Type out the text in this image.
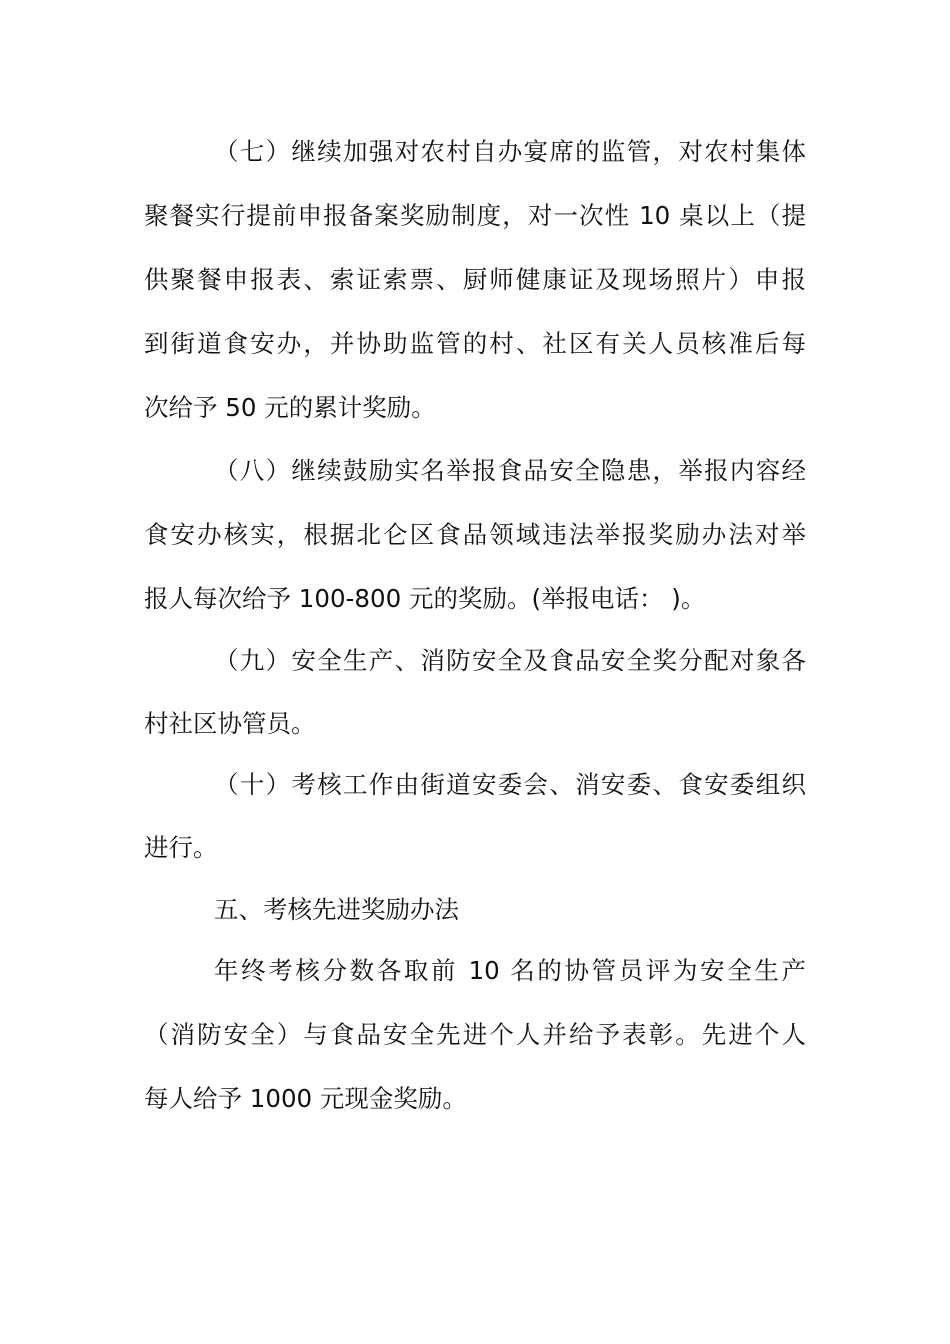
（七）继续加强对农村自办宴席的监管，对农村集体
聚餐实行提前申报备案奖励制度，对一次性 10 桌以上（提
供聚餐申报表、索证索票、厨师健康证及现场照片）申报
到街道食安办，并协助监管的村、社区有关人员核准后每
次给予 50 元的累计奖励。
（八）继续鼓励实名举报食品安全隐患，举报内容经
食安办核实，根据北仑区食品领域违法举报奖励办法对举
报人每次给予 100-800 元的奖励。(举报电话： )。
（九）安全生产、消防安全及食品安全奖分配对象各
村社区协管员。
（十）考核工作由街道安委会、消安委、食安委组织
进行。
五、考核先进奖励办法
年终考核分数各取前 10 名的协管员评为安全生产
（消防安全）与食品安全先进个人并给予表彰。先进个人
每人给予 1000 元现金奖励。
